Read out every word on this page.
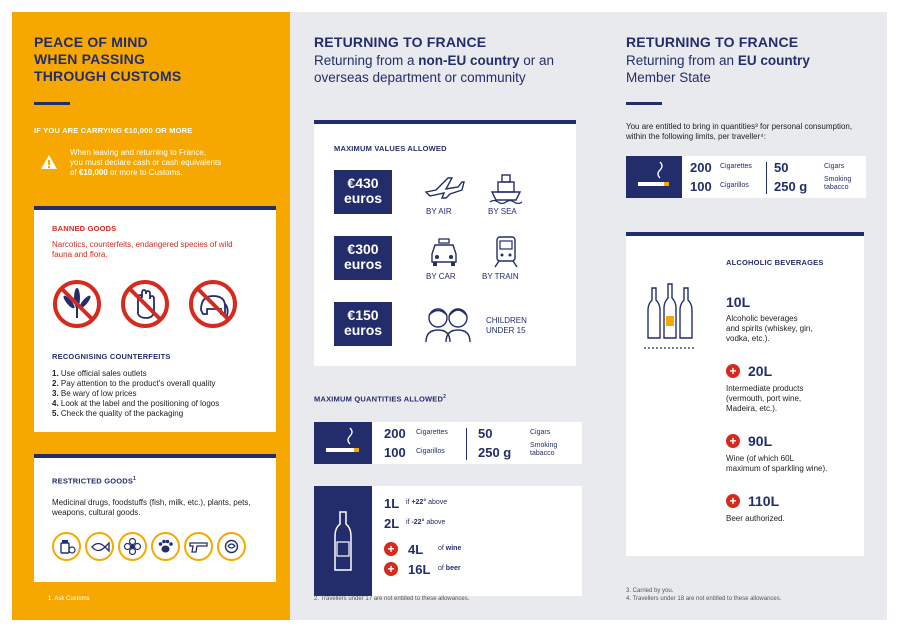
PEACE OF MIND
WHEN PASSING
THROUGH CUSTOMS
IF YOU ARE CARRYING €10,000 OR MORE
When leaving and returning to France,
you must declare cash or cash equivalents
of €10,000 or more to Customs.
BANNED GOODS
Narcotics, counterfeits, endangered species of wild fauna and flora.
RECOGNISING COUNTERFEITS
1. Use official sales outlets
2. Pay attention to the product's overall quality
3. Be wary of low prices
4. Look at the label and the positioning of logos
5. Check the quality of the packaging
RESTRICTED GOODS$^1$
Medicinal drugs, foodstuffs (fish, milk, etc.), plants, pets, weapons, cultural goods.
1. Ask Customs
RETURNING TO FRANCE
Returning from a non-EU country or an
overseas department or community
MAXIMUM VALUES ALLOWED
€430
euros
BY AIR	BY SEA
€300
euros
BY CAR	BY TRAIN
€150
euros
CHILDREN
UNDER 15
MAXIMUM QUANTITIES ALLOWED$^2$
200 Cigarettes
100 Cigarillos
50	Cigars
250 g	Smoking
tabacco
1L if +22° above
2L if -22° above
+ 4L of wine
+ 16L of beer
2. Travellers under 17 are not entitled to these allowances.
RETURNING TO FRANCE
Returning from an EU country
Member State
You are entitled to bring in quantities³ for personal consumption, within the following limits, per traveller⁴:
200 Cigarettes
100 Cigarillos
50	Cigars
250 g Smoking
tabacco
ALCOHOLIC BEVERAGES
10L
Alcoholic beverages
and spirits (whiskey, gin,
vodka, etc.).
+ 20L
Intermediate products
(vermouth, port wine,
Madeira, etc.).
+ 90L
Wine (of which 60L
maximum of sparkling wine).
+ 110L
Beer authorized.
3. Carried by you.
4. Travellers under 18 are not entitled to these allowances.
